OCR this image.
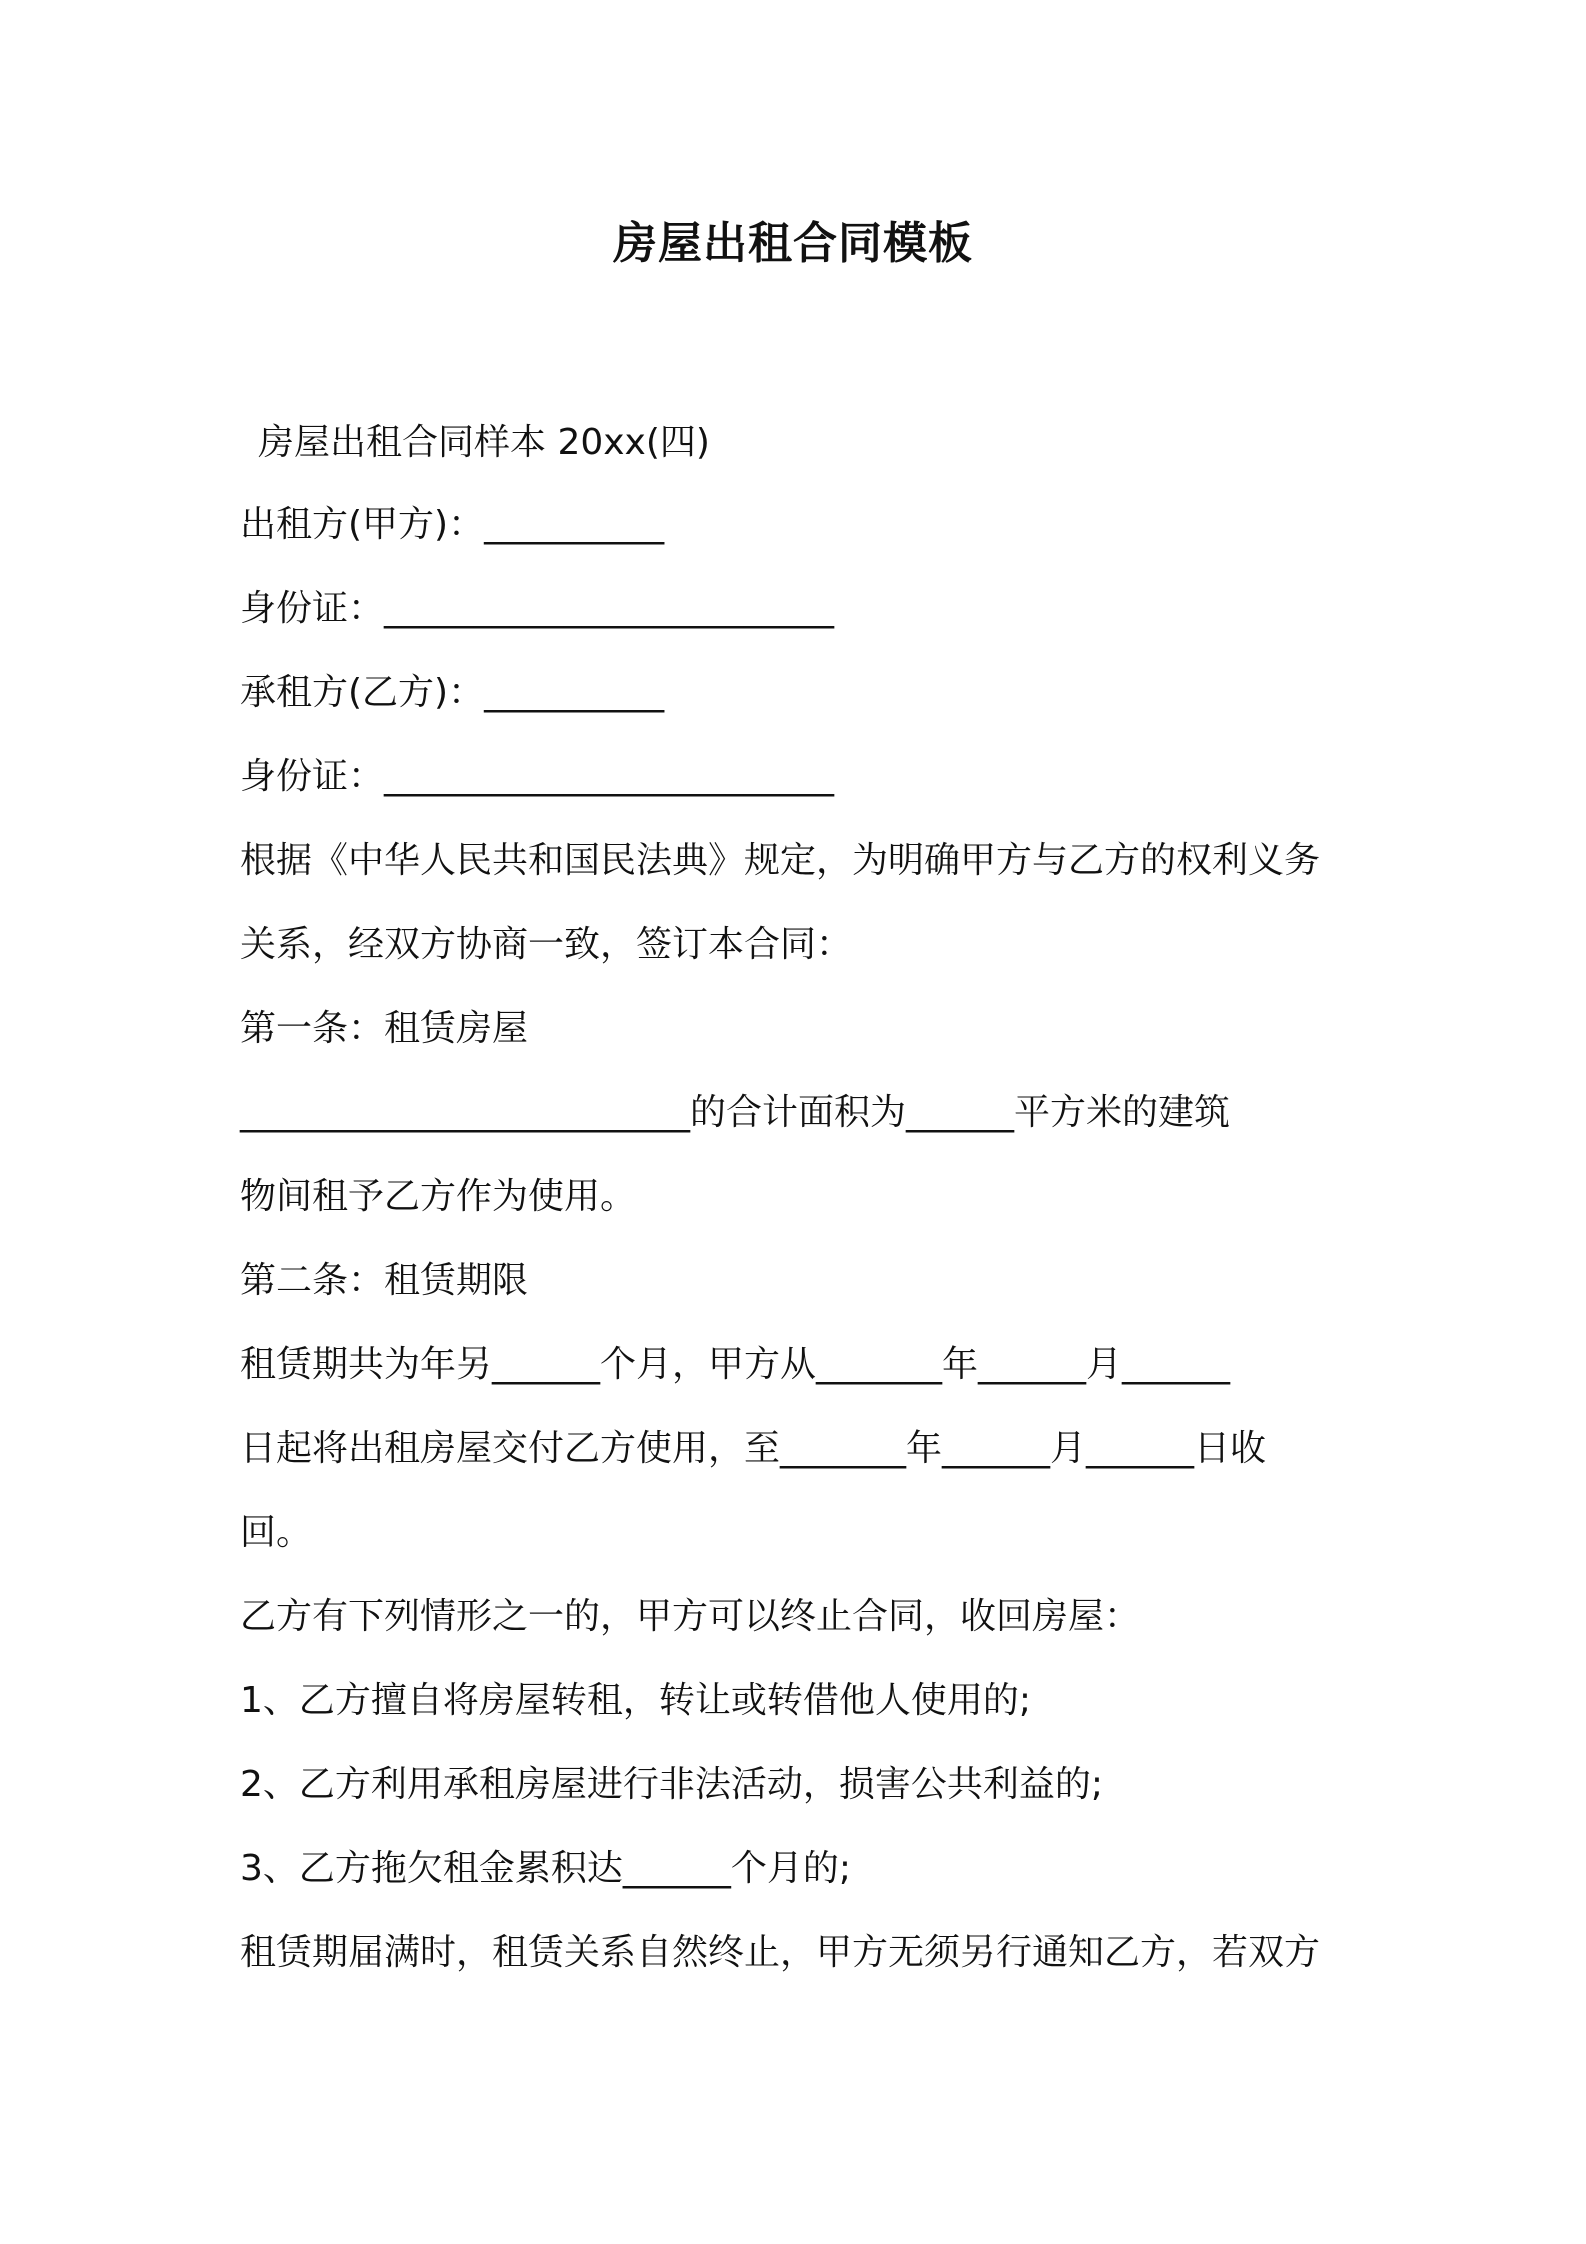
房屋出租合同模板

房屋出租合同样本 20xx(四)

出租方(甲方)：__________

身份证：_________________________

承租方(乙方)：__________

身份证：_________________________

根据《中华人民共和国民法典》规定，为明确甲方与乙方的权利义务

关系，经双方协商一致，签订本合同：

第一条：租赁房屋

_________________________的合计面积为______平方米的建筑

物间租予乙方作为使用。

第二条：租赁期限

租赁期共为年另______个月，甲方从_______年______月______

日起将出租房屋交付乙方使用，至_______年______月______日收

回。

乙方有下列情形之一的，甲方可以终止合同，收回房屋：

1、乙方擅自将房屋转租，转让或转借他人使用的;

2、乙方利用承租房屋进行非法活动，损害公共利益的;

3、乙方拖欠租金累积达______个月的;

租赁期届满时，租赁关系自然终止，甲方无须另行通知乙方，若双方
